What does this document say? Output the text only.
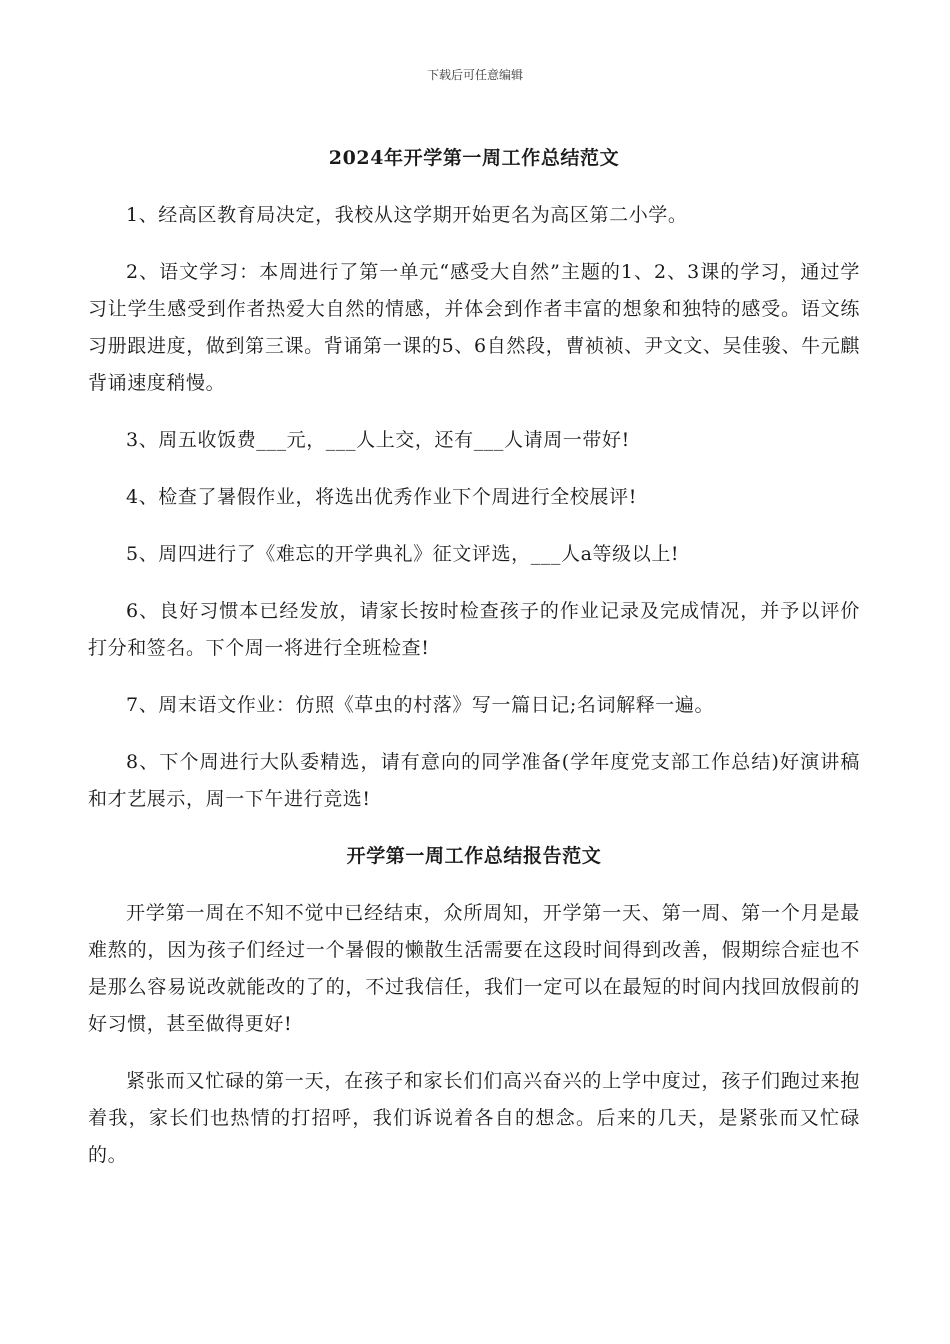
下载后可任意编辑
2024年开学第一周工作总结范文

1、经高区教育局决定，我校从这学期开始更名为高区第二小学。

2、语文学习：本周进行了第一单元“感受大自然”主题的1、2、3课的学习，通过学习让学生感受到作者热爱大自然的情感，并体会到作者丰富的想象和独特的感受。语文练习册跟进度，做到第三课。背诵第一课的5、6自然段，曹祯祯、尹文文、吴佳骏、牛元麒背诵速度稍慢。

3、周五收饭费___元，___人上交，还有___人请周一带好!

4、检查了暑假作业，将选出优秀作业下个周进行全校展评!

5、周四进行了《难忘的开学典礼》征文评选，___人a等级以上!

6、良好习惯本已经发放，请家长按时检查孩子的作业记录及完成情况，并予以评价打分和签名。下个周一将进行全班检查!

7、周末语文作业：仿照《草虫的村落》写一篇日记;名词解释一遍。

8、下个周进行大队委精选，请有意向的同学准备(学年度党支部工作总结)好演讲稿和才艺展示，周一下午进行竞选!

开学第一周工作总结报告范文

开学第一周在不知不觉中已经结束，众所周知，开学第一天、第一周、第一个月是最难熬的，因为孩子们经过一个暑假的懒散生活需要在这段时间得到改善，假期综合症也不是那么容易说改就能改的了的，不过我信任，我们一定可以在最短的时间内找回放假前的好习惯，甚至做得更好!

紧张而又忙碌的第一天，在孩子和家长们们高兴奋兴的上学中度过，孩子们跑过来抱着我，家长们也热情的打招呼，我们诉说着各自的想念。后来的几天，是紧张而又忙碌的。
